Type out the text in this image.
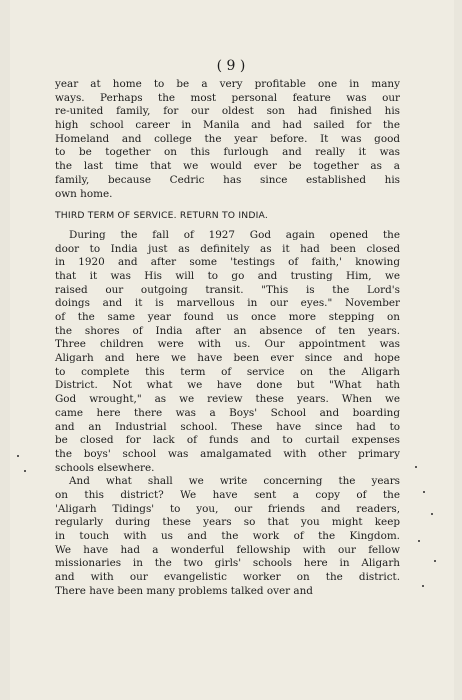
( 9 )
year at home to be a very profitable one in many
ways. Perhaps the most personal feature was our
re-united family, for our oldest son had finished his
high school career in Manila and had sailed for the
Homeland and college the year before. It was good
to be together on this furlough and really it was
the last time that we would ever be together as a
family, because Cedric has since established his
own home.
THIRD TERM OF SERVICE. RETURN TO INDIA.
During the fall of 1927 God again opened the
door to India just as definitely as it had been closed
in 1920 and after some 'testings of faith,' knowing
that it was His will to go and trusting Him, we
raised our outgoing transit. "This is the Lord's
doings and it is marvellous in our eyes." November
of the same year found us once more stepping on
the shores of India after an absence of ten years.
Three children were with us. Our appointment was
Aligarh and here we have been ever since and hope
to complete this term of service on the Aligarh
District. Not what we have done but "What hath
God wrought," as we review these years. When we
came here there was a Boys' School and boarding
and an Industrial school. These have since had to
be closed for lack of funds and to curtail expenses
the boys' school was amalgamated with other primary
schools elsewhere.
And what shall we write concerning the years
on this district? We have sent a copy of the
'Aligarh Tidings' to you, our friends and readers,
regularly during these years so that you might keep
in touch with us and the work of the Kingdom.
We have had a wonderful fellowship with our fellow
missionaries in the two girls' schools here in Aligarh
and with our evangelistic worker on the district.
There have been many problems talked over and
